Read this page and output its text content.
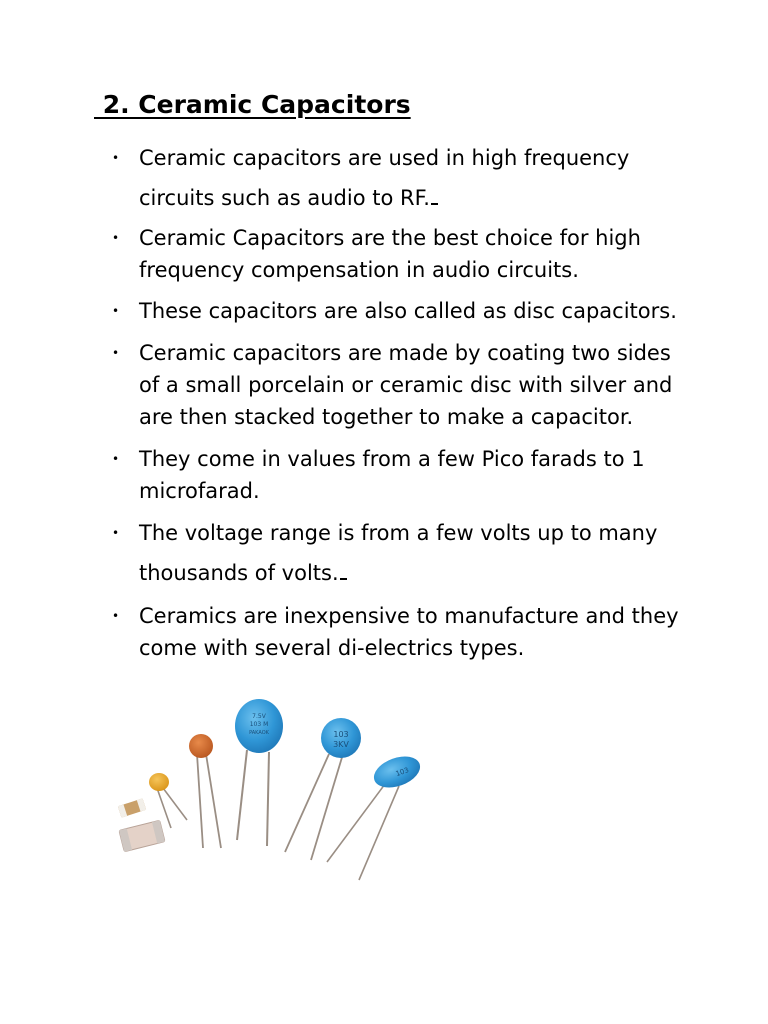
2. Ceramic Capacitors
• Ceramic capacitors are used in high frequency
circuits such as audio to RF.
• Ceramic Capacitors are the best choice for high
frequency compensation in audio circuits.
• These capacitors are also called as disc capacitors.
• Ceramic capacitors are made by coating two sides
of a small porcelain or ceramic disc with silver and
are then stacked together to make a capacitor.
• They come in values from a few Pico farads to 1
microfarad.
• The voltage range is from a few volts up to many
thousands of volts.
• Ceramics are inexpensive to manufacture and they
come with several di-electrics types.
7.5V
103 M
PAKAOK	103
3KV
103
